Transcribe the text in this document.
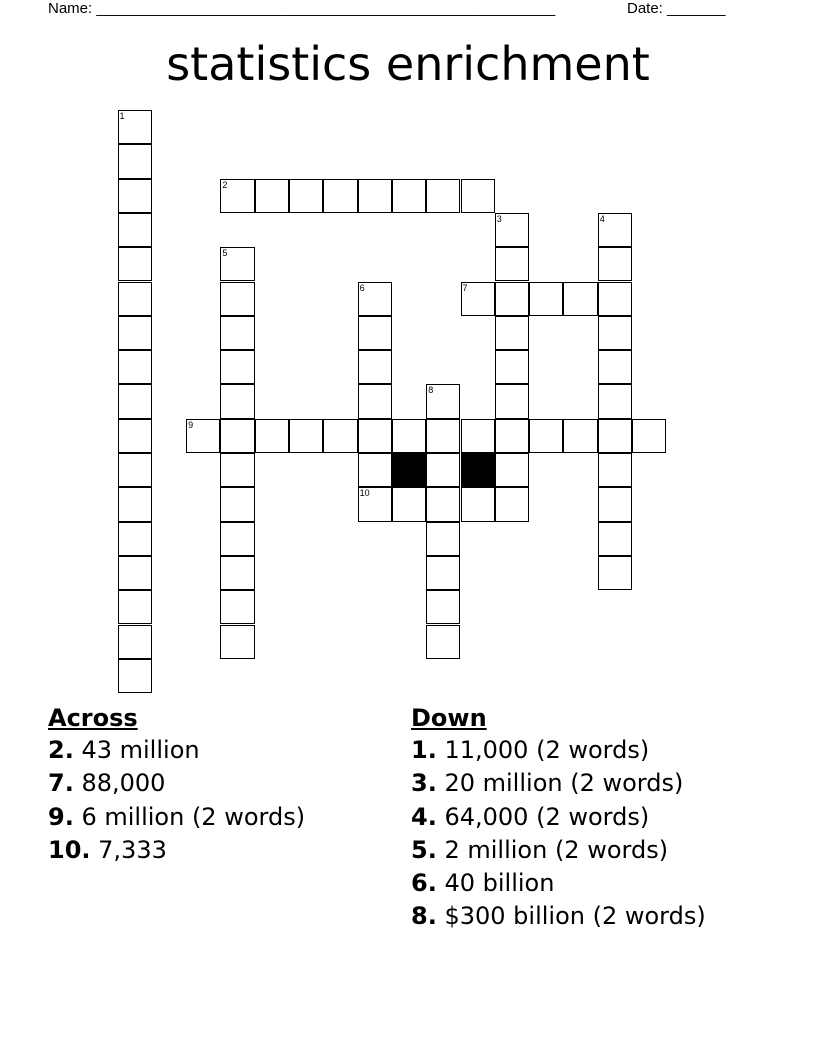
Name: _______________________________________________________	Date: _______
statistics enrichment
1
2
3	4
5
6
10
7
8
9
Across
2. 43 million
7. 88,000
9. 6 million (2 words)
10. 7,333
Down
1. 11,000 (2 words)
3. 20 million (2 words)
4. 64,000 (2 words)
5. 2 million (2 words)
6. 40 billion
8. $300 billion (2 words)
